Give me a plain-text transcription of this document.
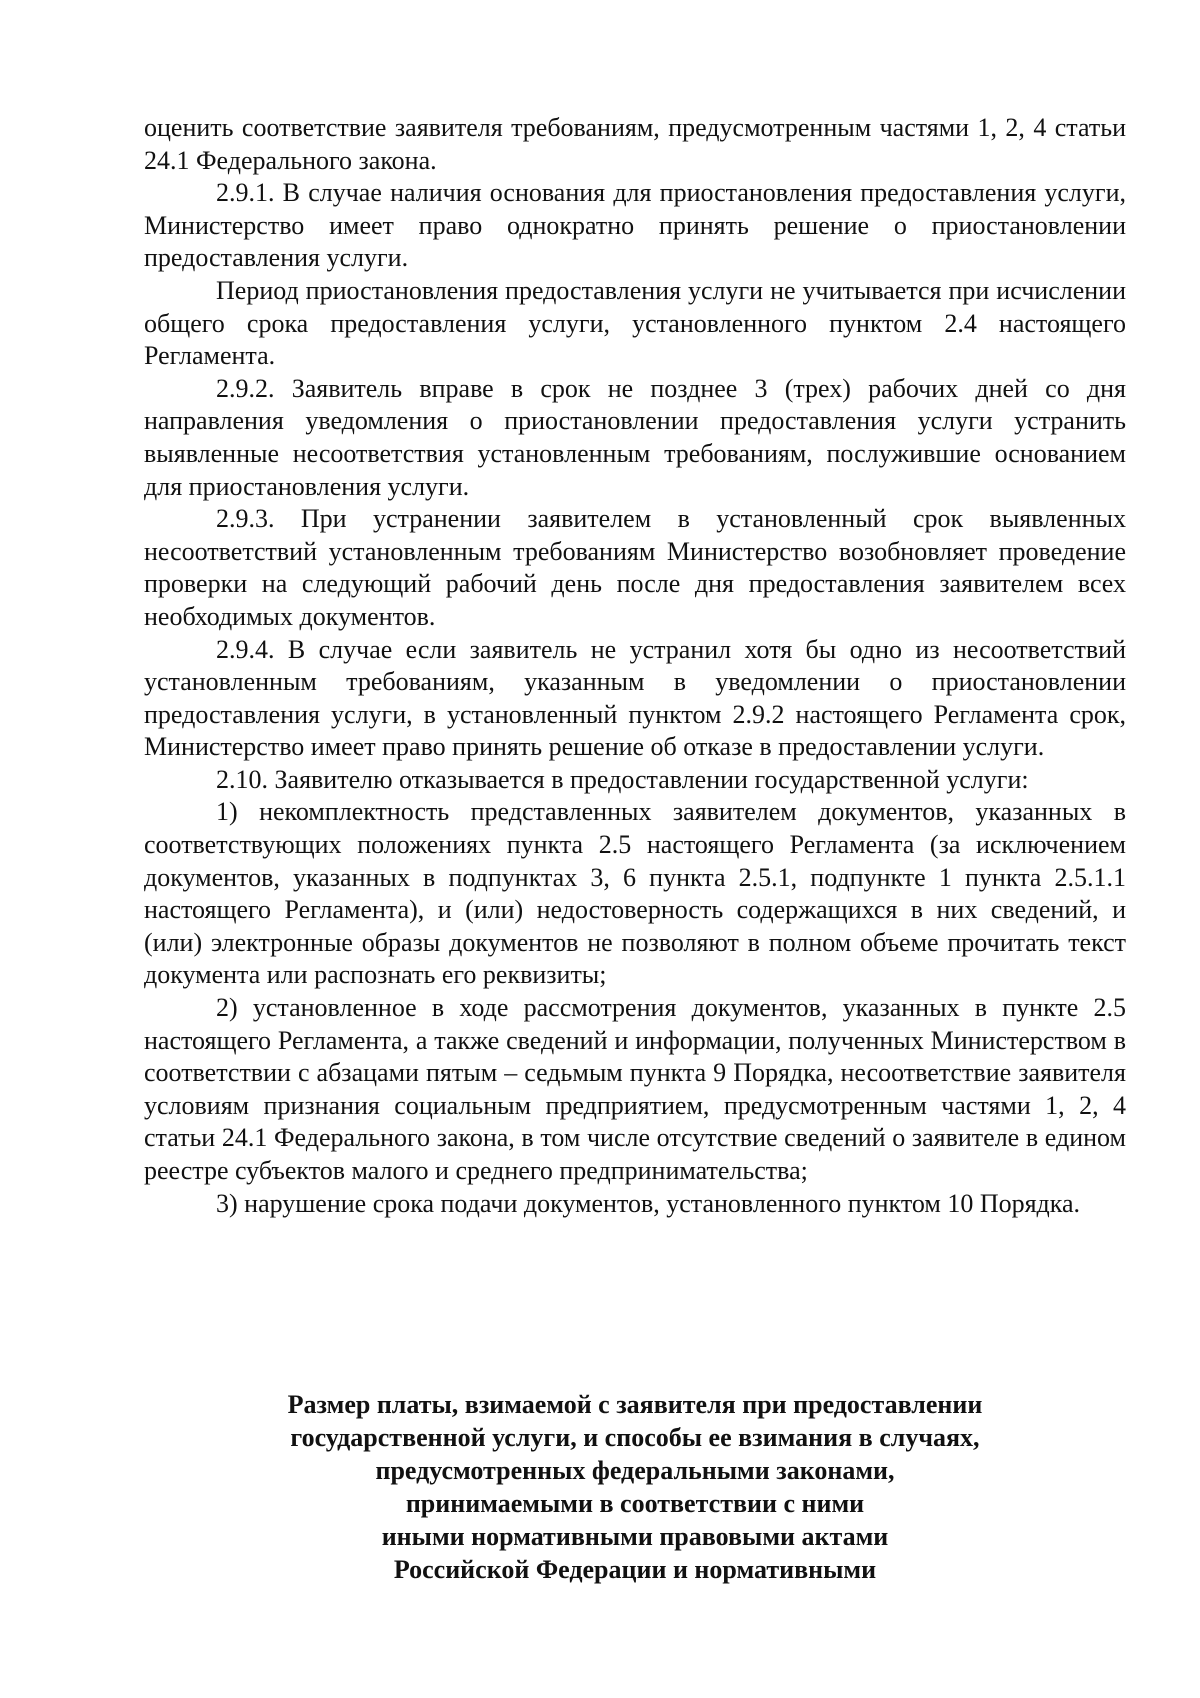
оценить соответствие заявителя требованиям, предусмотренным частями 1, 2, 4 статьи 24.1 Федерального закона.

2.9.1. В случае наличия основания для приостановления предоставления услуги, Министерство имеет право однократно принять решение о приостановлении предоставления услуги.

Период приостановления предоставления услуги не учитывается при исчислении общего срока предоставления услуги, установленного пунктом 2.4 настоящего Регламента.

2.9.2. Заявитель вправе в срок не позднее 3 (трех) рабочих дней со дня направления уведомления о приостановлении предоставления услуги устранить выявленные несоответствия установленным требованиям, послужившие основанием для приостановления услуги.

2.9.3. При устранении заявителем в установленный срок выявленных несоответствий установленным требованиям Министерство возобновляет проведение проверки на следующий рабочий день после дня предоставления заявителем всех необходимых документов.

2.9.4. В случае если заявитель не устранил хотя бы одно из несоответствий установленным требованиям, указанным в уведомлении о приостановлении предоставления услуги, в установленный пунктом 2.9.2 настоящего Регламента срок, Министерство имеет право принять решение об отказе в предоставлении услуги.

2.10. Заявителю отказывается в предоставлении государственной услуги:

1) некомплектность представленных заявителем документов, указанных в соответствующих положениях пункта 2.5 настоящего Регламента (за исключением документов, указанных в подпунктах 3, 6 пункта 2.5.1, подпункте 1 пункта 2.5.1.1 настоящего Регламента), и (или) недостоверность содержащихся в них сведений, и (или) электронные образы документов не позволяют в полном объеме прочитать текст документа или распознать его реквизиты;

2) установленное в ходе рассмотрения документов, указанных в пункте 2.5 настоящего Регламента, а также сведений и информации, полученных Министерством в соответствии с абзацами пятым – седьмым пункта 9 Порядка, несоответствие заявителя условиям признания социальным предприятием, предусмотренным частями 1, 2, 4 статьи 24.1 Федерального закона, в том числе отсутствие сведений о заявителе в едином реестре субъектов малого и среднего предпринимательства;

3) нарушение срока подачи документов, установленного пунктом 10 Порядка.

Размер платы, взимаемой с заявителя при предоставлении
государственной услуги, и способы ее взимания в случаях,
предусмотренных федеральными законами,
принимаемыми в соответствии с ними
иными нормативными правовыми актами
Российской Федерации и нормативными
